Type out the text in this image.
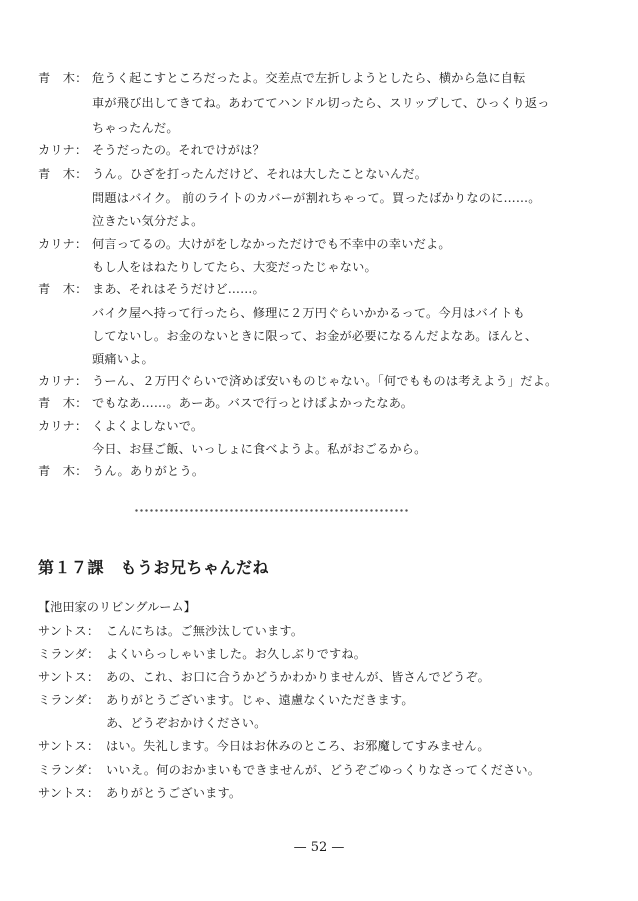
青　木： 危うく起こすところだったよ。交差点で左折しようとしたら、横から急に自転
車が飛び出してきてね。あわててハンドル切ったら、スリップして、ひっくり返っ
ちゃったんだ。
カリナ： そうだったの。それでけがは？
青　木： うん。ひざを打ったんだけど、それは大したことないんだ。
問題はバイク。 前のライトのカバーが割れちゃって。買ったばかりなのに……。
泣きたい気分だよ。
カリナ： 何言ってるの。大けがをしなかっただけでも不幸中の幸いだよ。
もし人をはねたりしてたら、大変だったじゃない。
青　木： まあ、それはそうだけど……。
バイク屋へ持って行ったら、修理に２万円ぐらいかかるって。今月はバイトも
してないし。お金のないときに限って、お金が必要になるんだよなあ。ほんと、
頭痛いよ。
カリナ： うーん、２万円ぐらいで済めば安いものじゃない。「何でもものは考えよう」だよ。
青　木： でもなあ……。あーあ。バスで行っとけばよかったなあ。
カリナ： くよくよしないで。
今日、お昼ご飯、いっしょに食べようよ。私がおごるから。
青　木： うん。ありがとう。
第１７課　もうお兄ちゃんだね
【池田家のリビングルーム】
サントス： こんにちは。ご無沙汰しています。
ミランダ： よくいらっしゃいました。お久しぶりですね。
サントス： あの、これ、お口に合うかどうかわかりませんが、皆さんでどうぞ。
ミランダ： ありがとうございます。じゃ、遠慮なくいただきます。
あ、どうぞおかけください。
サントス： はい。失礼します。今日はお休みのところ、お邪魔してすみません。
ミランダ： いいえ。何のおかまいもできませんが、どうぞごゆっくりなさってください。
サントス： ありがとうございます。
— 52 —
